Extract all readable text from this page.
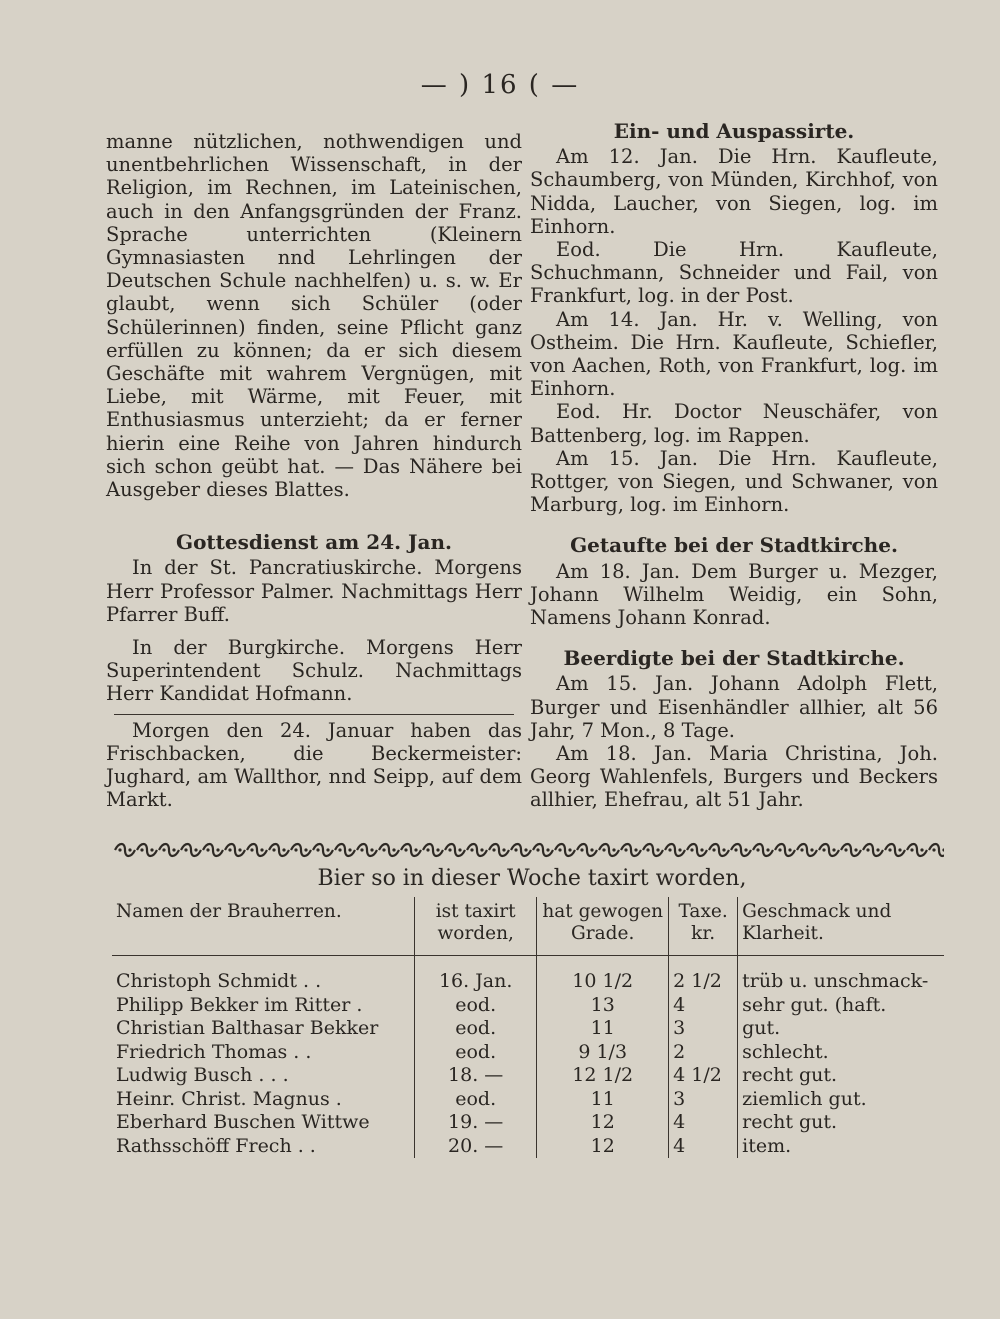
— ) 16 ( —

manne nützlichen, nothwendigen und unentbehrlichen Wissenschaft, in der Religion, im Rechnen, im Lateinischen, auch in den Anfangsgründen der Franz. Sprache unterrichten (Kleinern Gymnasiasten nnd Lehrlingen der Deutschen Schule nachhelfen) u. s. w. Er glaubt, wenn sich Schüler (oder Schülerinnen) finden, seine Pflicht ganz erfüllen zu können; da er sich diesem Geschäfte mit wahrem Vergnügen, mit Liebe, mit Wärme, mit Feuer, mit Enthusiasmus unterzieht; da er ferner hierin eine Reihe von Jahren hindurch sich schon geübt hat. — Das Nähere bei Ausgeber dieses Blattes.

Gottesdienst am 24. Jan.

In der St. Pancratiuskirche. Morgens Herr Professor Palmer. Nachmittags Herr Pfarrer Buff.

In der Burgkirche. Morgens Herr Superintendent Schulz. Nachmittags Herr Kandidat Hofmann.

Morgen den 24. Januar haben das Frischbacken, die Beckermeister: Jughard, am Wallthor, nnd Seipp, auf dem Markt.

Ein- und Auspassirte.

Am 12. Jan. Die Hrn. Kaufleute, Schaumberg, von Münden, Kirchhof, von Nidda, Laucher, von Siegen, log. im Einhorn.

Eod. Die Hrn. Kaufleute, Schuchmann, Schneider und Fail, von Frankfurt, log. in der Post.

Am 14. Jan. Hr. v. Welling, von Ostheim. Die Hrn. Kaufleute, Schiefler, von Aachen, Roth, von Frankfurt, log. im Einhorn.

Eod. Hr. Doctor Neuschäfer, von Battenberg, log. im Rappen.

Am 15. Jan. Die Hrn. Kaufleute, Rottger, von Siegen, und Schwaner, von Marburg, log. im Einhorn.

Getaufte bei der Stadtkirche.

Am 18. Jan. Dem Burger u. Mezger, Johann Wilhelm Weidig, ein Sohn, Namens Johann Konrad.

Beerdigte bei der Stadtkirche.

Am 15. Jan. Johann Adolph Flett, Burger und Eisenhändler allhier, alt 56 Jahr, 7 Mon., 8 Tage.

Am 18. Jan. Maria Christina, Joh. Georg Wahlenfels, Burgers und Beckers allhier, Ehefrau, alt 51 Jahr.

Bier so in dieser Woche taxirt worden,

Namen der Brauherren.	ist taxirt worden,	hat gewogen Grade.	Taxe. kr.	Geschmack und Klarheit.
Christoph Schmidt . .	16. Jan.	10 1/2	2 1/2	trüb u. unschmack-
Philipp Bekker im Ritter .	eod.	13	4	sehr gut. (haft.
Christian Balthasar Bekker	eod.	11	3	gut.
Friedrich Thomas . .	eod.	9 1/3	2	schlecht.
Ludwig Busch . . .	18. —	12 1/2	4 1/2	recht gut.
Heinr. Christ. Magnus .	eod.	11	3	ziemlich gut.
Eberhard Buschen Wittwe	19. —	12	4	recht gut.
Rathsschöff Frech . .	20. —	12	4	item.
